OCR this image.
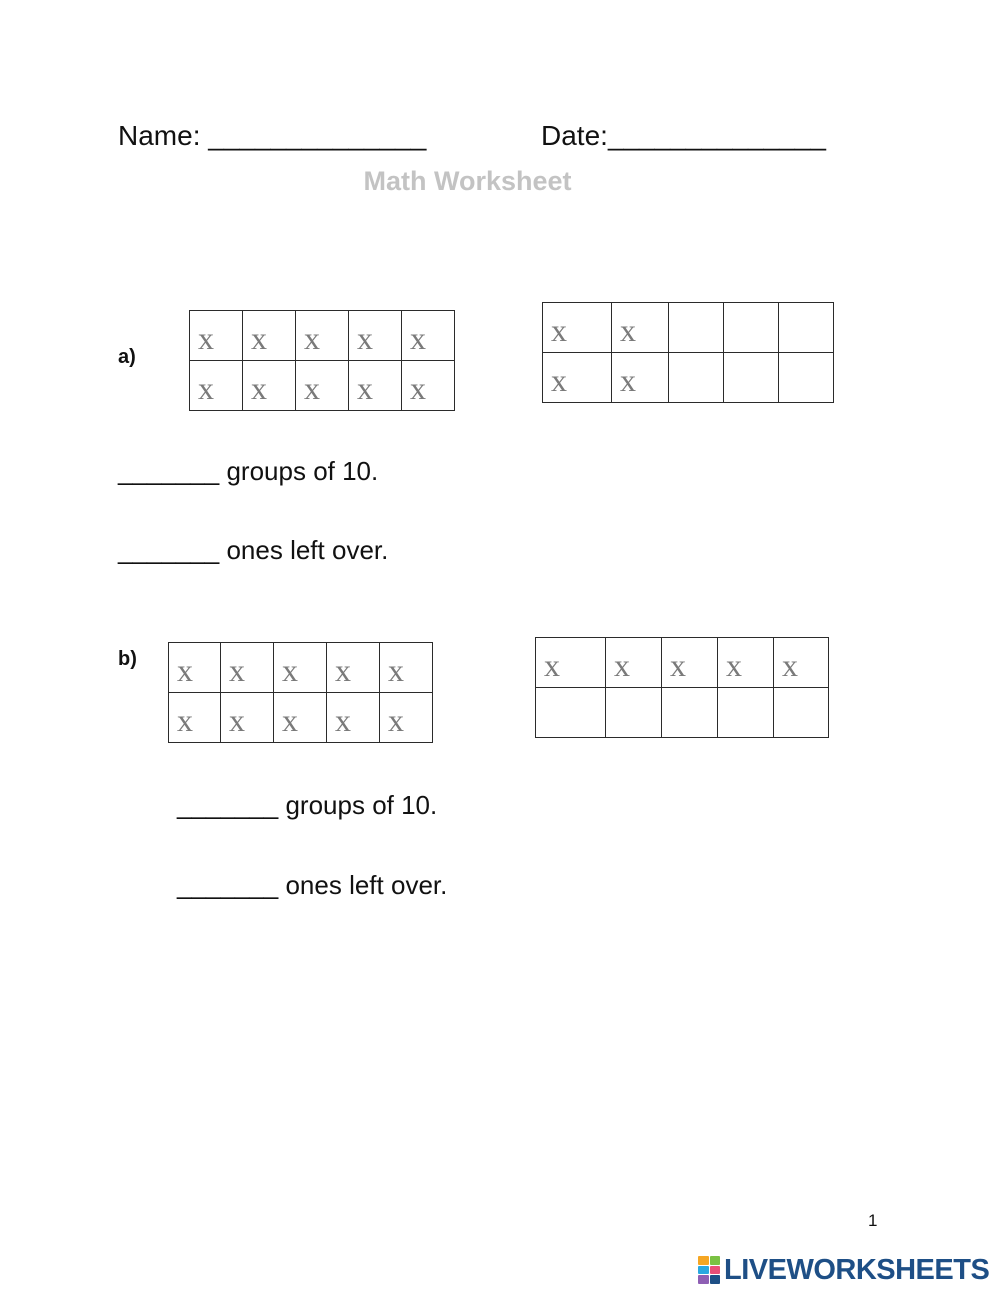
Name: ______________	Date:______________
Math Worksheet
a)
x	x	x	x	x
x	x	x	x	x
x	x			
x	x			
_______ groups of 10.
_______ ones left over.
b) x	x	x	x	x
x	x	x	x	x
x	x	x	x	x

_______ groups of 10.
_______ ones left over.
1
LIVEWORKSHEETS
